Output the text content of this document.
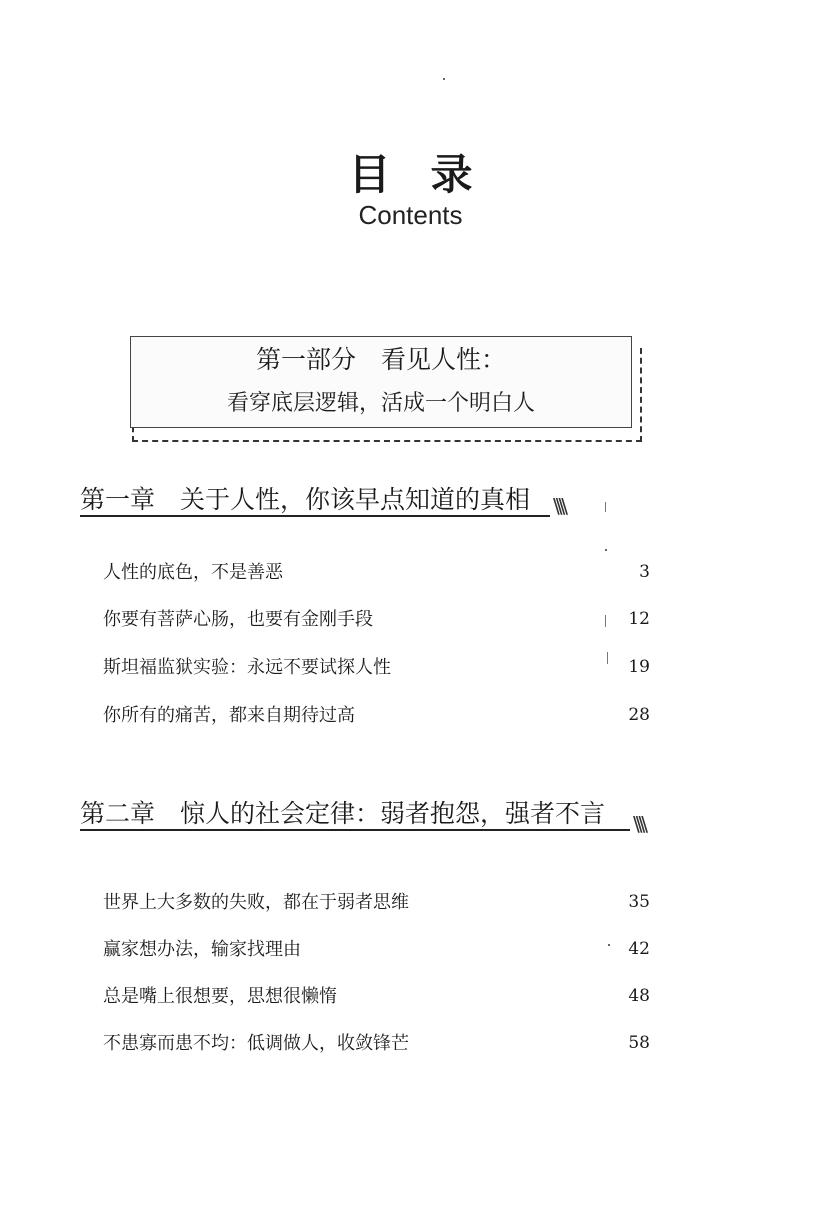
目录
Contents
第一部分　看见人性：
看穿底层逻辑，活成一个明白人
第一章　关于人性，你该早点知道的真相 \\\\
人性的底色，不是善恶	3
你要有菩萨心肠，也要有金刚手段	12
斯坦福监狱实验：永远不要试探人性	19
你所有的痛苦，都来自期待过高	28
第二章　惊人的社会定律：弱者抱怨，强者不言 \\\\
世界上大多数的失败，都在于弱者思维	35
赢家想办法，输家找理由	42
总是嘴上很想要，思想很懒惰	48
不患寡而患不均：低调做人，收敛锋芒	58
